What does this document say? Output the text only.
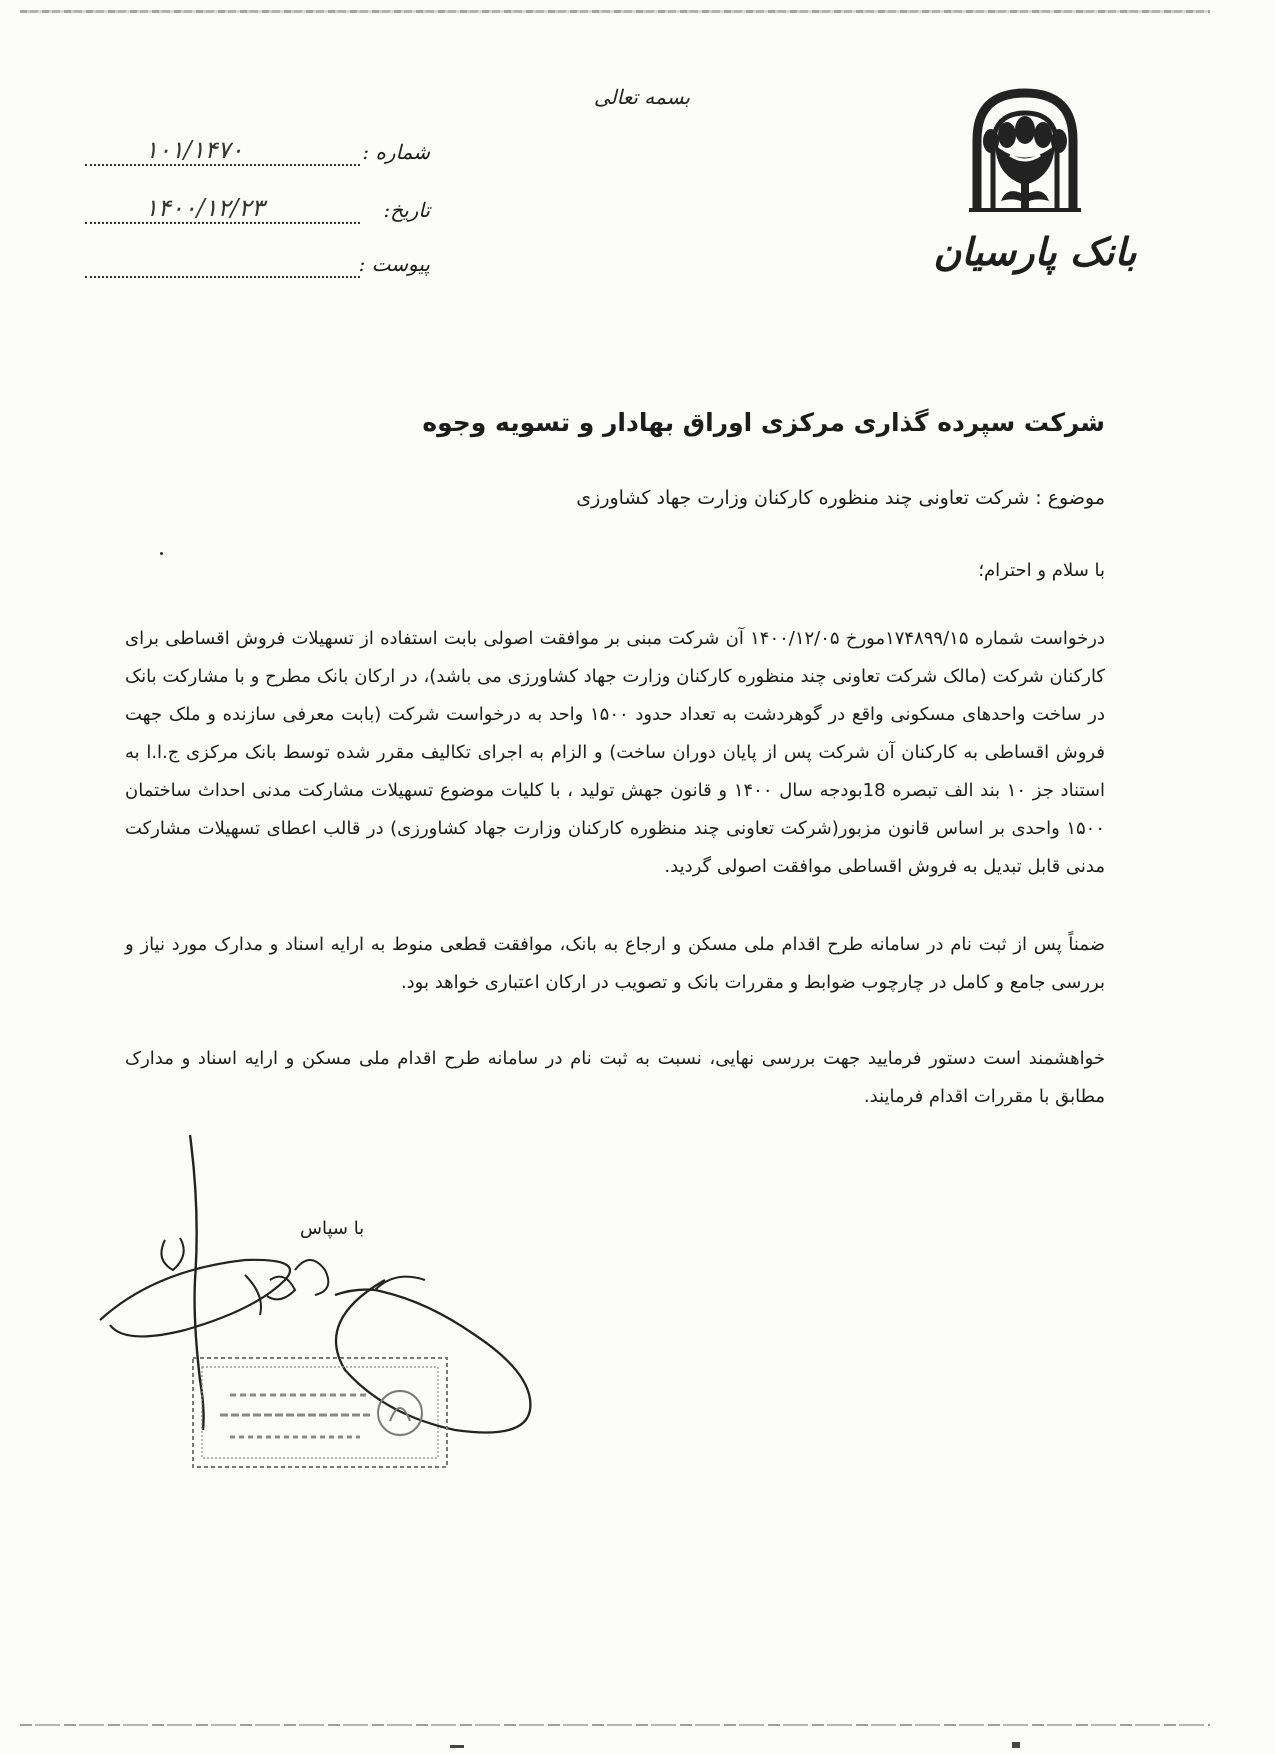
بانک پارسیان
بسمه تعالی
شماره :
۱۰۱/۱۴۷۰
تاریخ:
۱۴۰۰/۱۲/۲۳
پیوست :
شرکت سپرده گذاری مرکزی اوراق بهادار و تسویه وجوه
موضوع : شرکت تعاونی چند منظوره کارکنان وزارت جهاد کشاورزی
با سلام و احترام؛
درخواست شماره ۱۷۴۸۹۹/۱۵مورخ ۱۴۰۰/۱۲/۰۵ آن شرکت مبنی بر موافقت اصولی بابت استفاده از تسهیلات فروش اقساطی برای کارکنان شرکت (مالک شرکت تعاونی چند منظوره کارکنان وزارت جهاد کشاورزی می باشد)، در ارکان بانک مطرح و با مشارکت بانک در ساخت واحدهای مسکونی واقع در گوهردشت به تعداد حدود ۱۵۰۰ واحد به درخواست شرکت (بابت معرفی سازنده و ملک جهت فروش اقساطی به کارکنان آن شرکت پس از پایان دوران ساخت) و الزام به اجرای تکالیف مقرر شده توسط بانک مرکزی ج.ا.ا به استناد جز ۱۰ بند الف تبصره 18بودجه سال ۱۴۰۰ و قانون جهش تولید ، با کلیات موضوع تسهیلات مشارکت مدنی احداث ساختمان ۱۵۰۰ واحدی بر اساس قانون مزبور(شرکت تعاونی چند منظوره کارکنان وزارت جهاد کشاورزی) در قالب اعطای تسهیلات مشارکت مدنی قابل تبدیل به فروش اقساطی موافقت اصولی گردید.
ضمناً پس از ثبت نام در سامانه طرح اقدام ملی مسکن و ارجاع به بانک، موافقت قطعی منوط به ارایه اسناد و مدارک مورد نیاز و بررسی جامع و کامل در چارچوب ضوابط و مقررات بانک و تصویب در ارکان اعتباری خواهد بود.
خواهشمند است دستور فرمایید جهت بررسی نهایی، نسبت به ثبت نام در سامانه طرح اقدام ملی مسکن و ارایه اسناد و مدارک مطابق با مقررات اقدام فرمایند.
با سپاس
